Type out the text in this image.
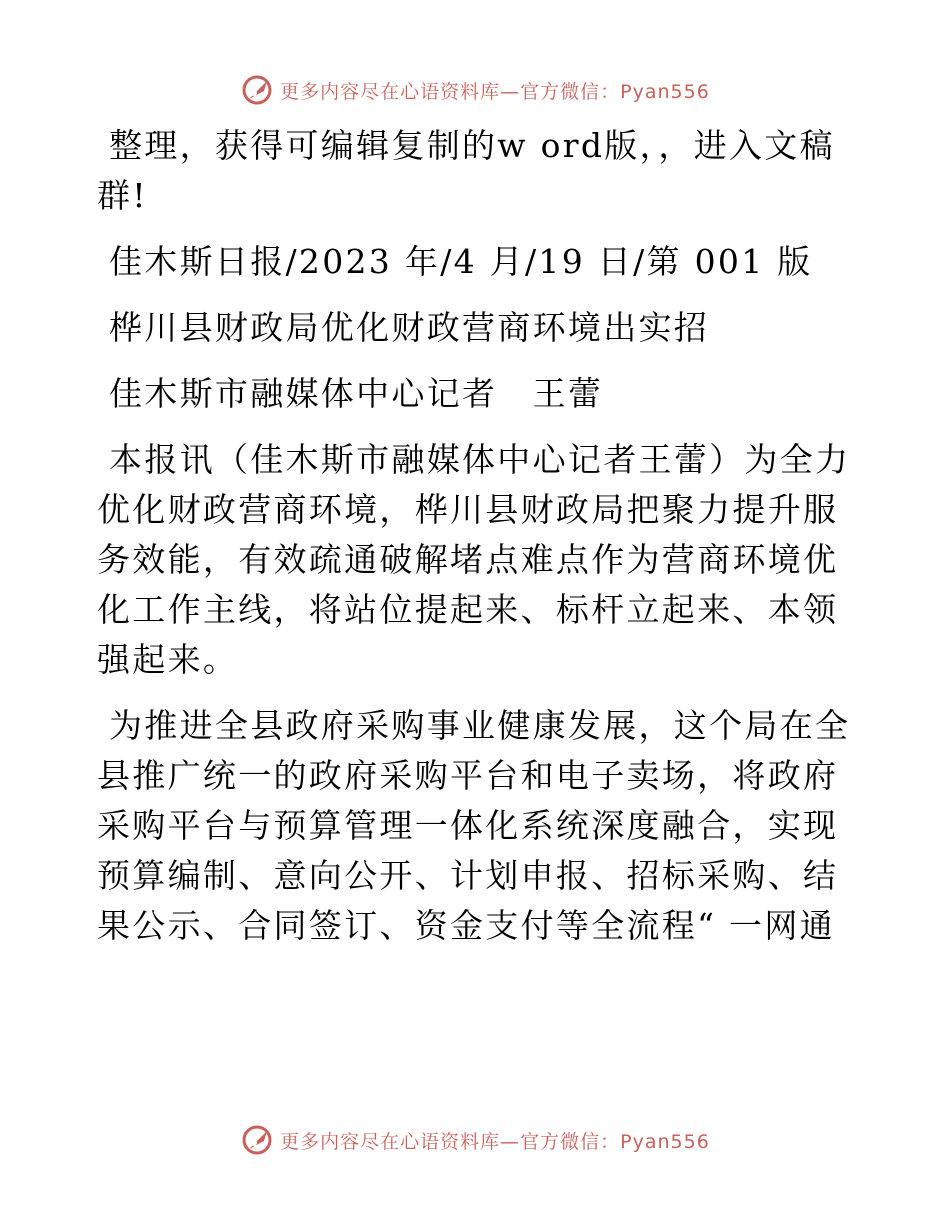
更多内容尽在心语资料库—官方微信：Pyan556

整理，获得可编辑复制的w ord版，，进入文稿群!

佳木斯日报/2023 年/4 月/19 日/第 001 版

桦川县财政局优化财政营商环境出实招

佳木斯市融媒体中心记者　王蕾

本报讯（佳木斯市融媒体中心记者王蕾）为全力优化财政营商环境，桦川县财政局把聚力提升服务效能，有效疏通破解堵点难点作为营商环境优化工作主线，将站位提起来、标杆立起来、本领强起来。

为推进全县政府采购事业健康发展，这个局在全县推广统一的政府采购平台和电子卖场，将政府采购平台与预算管理一体化系统深度融合，实现预算编制、意向公开、计划申报、招标采购、结果公示、合同签订、资金支付等全流程“ 一网通

更多内容尽在心语资料库—官方微信：Pyan556
